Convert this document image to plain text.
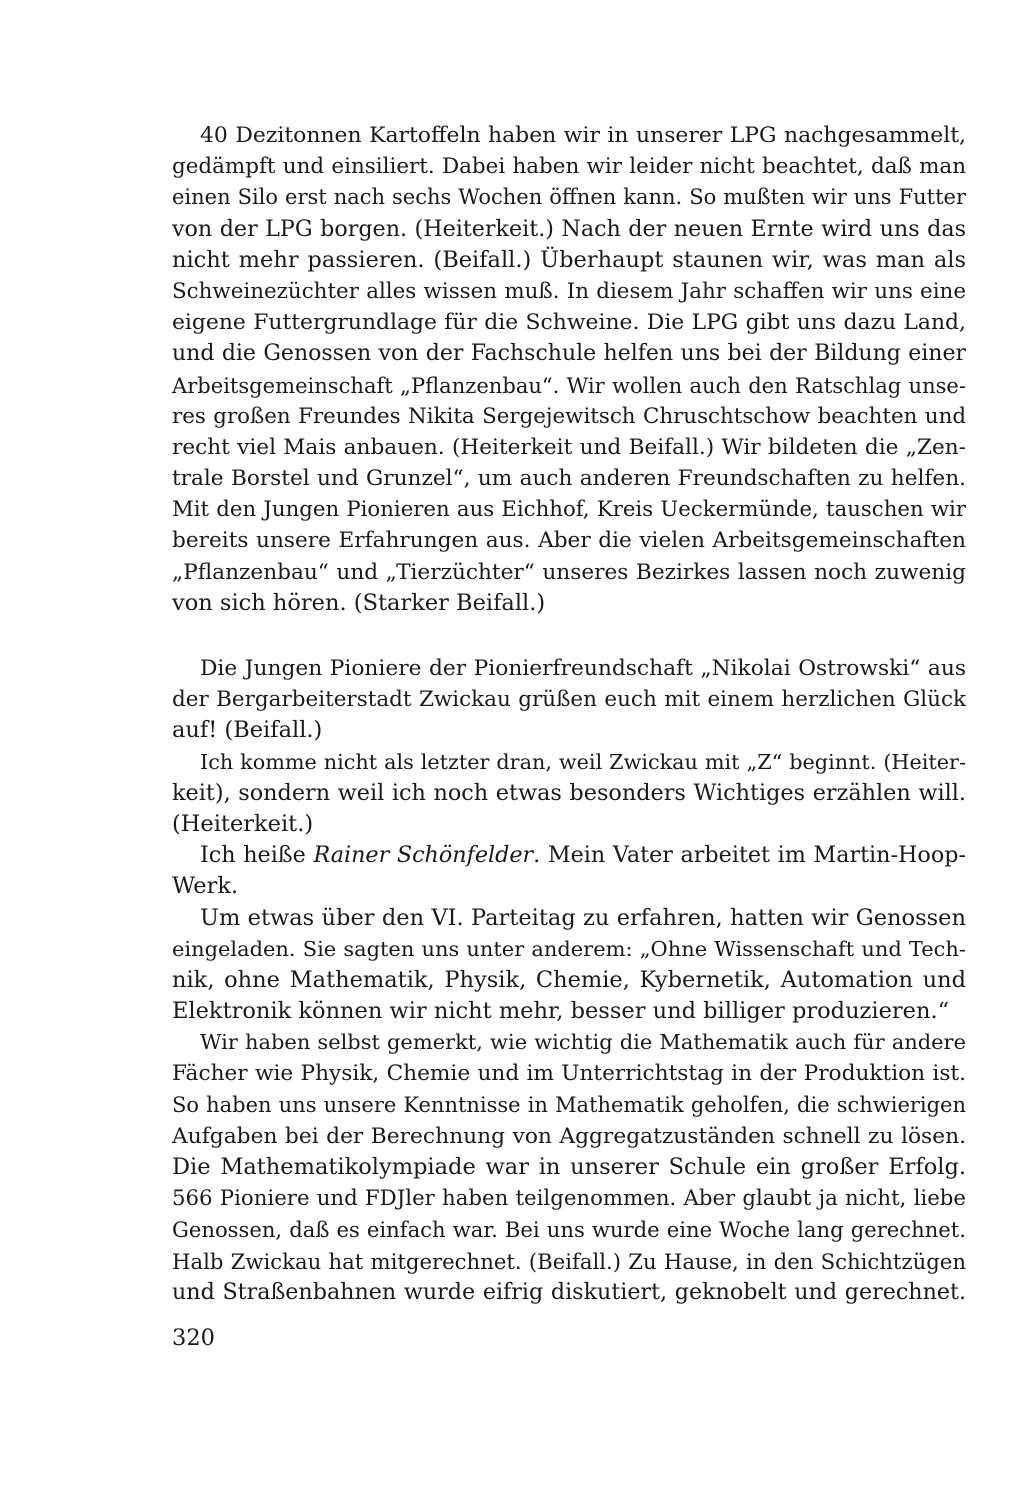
40 Dezitonnen Kartoffeln haben wir in unserer LPG nachgesammelt,
gedämpft und einsiliert. Dabei haben wir leider nicht beachtet, daß man
einen Silo erst nach sechs Wochen öffnen kann. So mußten wir uns Futter
von der LPG borgen. (Heiterkeit.) Nach der neuen Ernte wird uns das
nicht mehr passieren. (Beifall.) Überhaupt staunen wir, was man als
Schweinezüchter alles wissen muß. In diesem Jahr schaffen wir uns eine
eigene Futtergrundlage für die Schweine. Die LPG gibt uns dazu Land,
und die Genossen von der Fachschule helfen uns bei der Bildung einer
Arbeitsgemeinschaft „Pflanzenbau“. Wir wollen auch den Ratschlag unse-
res großen Freundes Nikita Sergejewitsch Chruschtschow beachten und
recht viel Mais anbauen. (Heiterkeit und Beifall.) Wir bildeten die „Zen-
trale Borstel und Grunzel“, um auch anderen Freundschaften zu helfen.
Mit den Jungen Pionieren aus Eichhof, Kreis Ueckermünde, tauschen wir
bereits unsere Erfahrungen aus. Aber die vielen Arbeitsgemeinschaften
„Pflanzenbau“ und „Tierzüchter“ unseres Bezirkes lassen noch zuwenig
von sich hören. (Starker Beifall.)
Die Jungen Pioniere der Pionierfreundschaft „Nikolai Ostrowski“ aus
der Bergarbeiterstadt Zwickau grüßen euch mit einem herzlichen Glück
auf! (Beifall.)
Ich komme nicht als letzter dran, weil Zwickau mit „Z“ beginnt. (Heiter-
keit), sondern weil ich noch etwas besonders Wichtiges erzählen will.
(Heiterkeit.)
Ich heiße Rainer Schönfelder. Mein Vater arbeitet im Martin-Hoop-
Werk.
Um etwas über den VI. Parteitag zu erfahren, hatten wir Genossen
eingeladen. Sie sagten uns unter anderem: „Ohne Wissenschaft und Tech-
nik, ohne Mathematik, Physik, Chemie, Kybernetik, Automation und
Elektronik können wir nicht mehr, besser und billiger produzieren.“
Wir haben selbst gemerkt, wie wichtig die Mathematik auch für andere
Fächer wie Physik, Chemie und im Unterrichtstag in der Produktion ist.
So haben uns unsere Kenntnisse in Mathematik geholfen, die schwierigen
Aufgaben bei der Berechnung von Aggregatzuständen schnell zu lösen.
Die Mathematikolympiade war in unserer Schule ein großer Erfolg.
566 Pioniere und FDJler haben teilgenommen. Aber glaubt ja nicht, liebe
Genossen, daß es einfach war. Bei uns wurde eine Woche lang gerechnet.
Halb Zwickau hat mitgerechnet. (Beifall.) Zu Hause, in den Schichtzügen
und Straßenbahnen wurde eifrig diskutiert, geknobelt und gerechnet.
320
